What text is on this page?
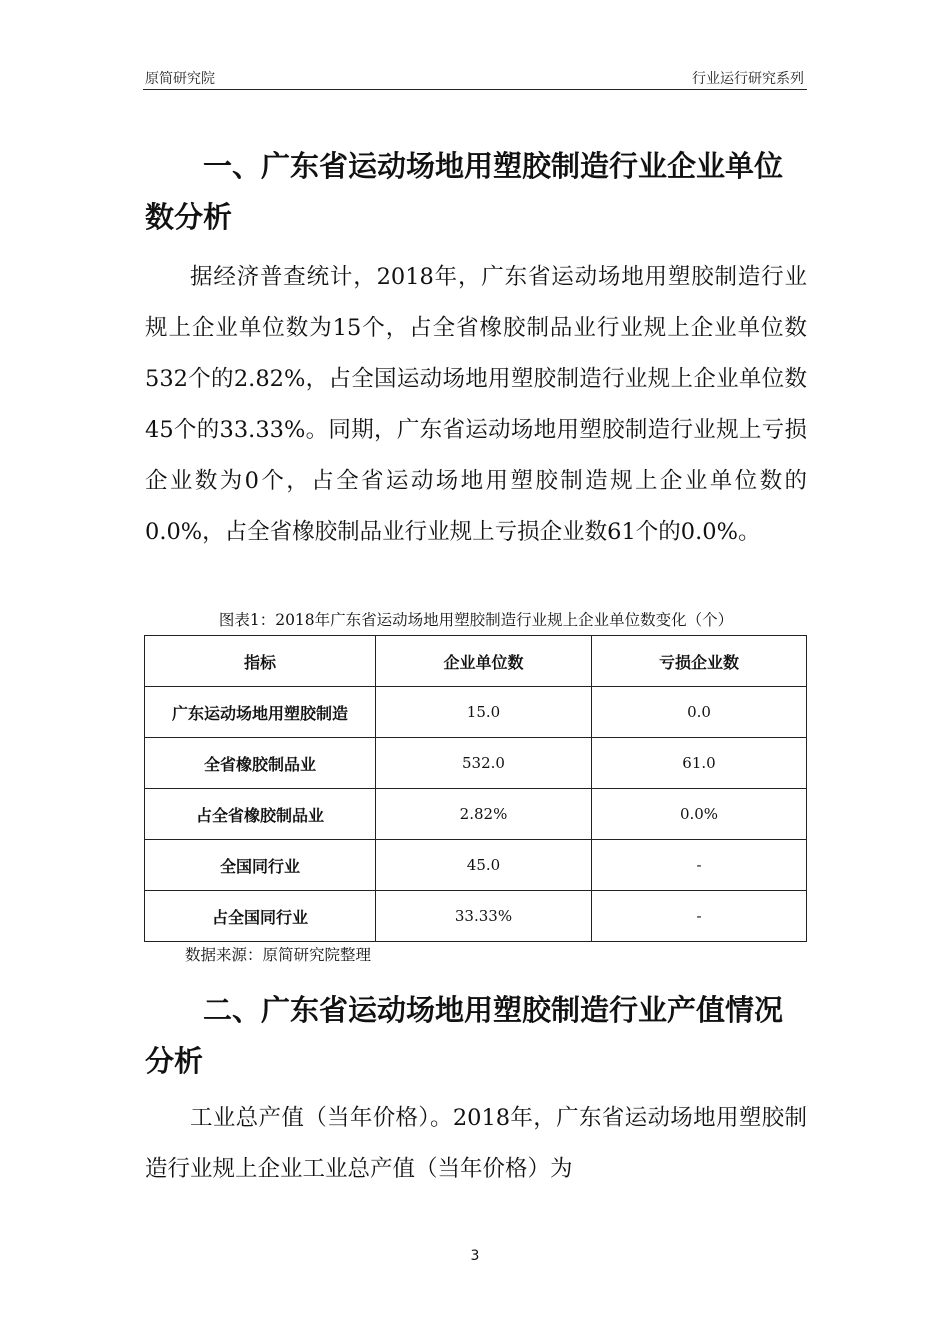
原简研究院	行业运行研究系列
一、广东省运动场地用塑胶制造行业企业单位数分析

据经济普查统计，2018年，广东省运动场地用塑胶制造行业规上企业单位数为15个，占全省橡胶制品业行业规上企业单位数532个的2.82%，占全国运动场地用塑胶制造行业规上企业单位数45个的33.33%。同期，广东省运动场地用塑胶制造行业规上亏损企业数为0个，占全省运动场地用塑胶制造规上企业单位数的0.0%，占全省橡胶制品业行业规上亏损企业数61个的0.0%。

图表1：2018年广东省运动场地用塑胶制造行业规上企业单位数变化（个）
指标	企业单位数	亏损企业数
广东运动场地用塑胶制造	15.0	0.0
全省橡胶制品业	532.0	61.0
占全省橡胶制品业	2.82%	0.0%
全国同行业	45.0	-
占全国同行业	33.33%	-
数据来源：原简研究院整理
二、广东省运动场地用塑胶制造行业产值情况分析

工业总产值（当年价格）。2018年，广东省运动场地用塑胶制造行业规上企业工业总产值（当年价格）为

3
